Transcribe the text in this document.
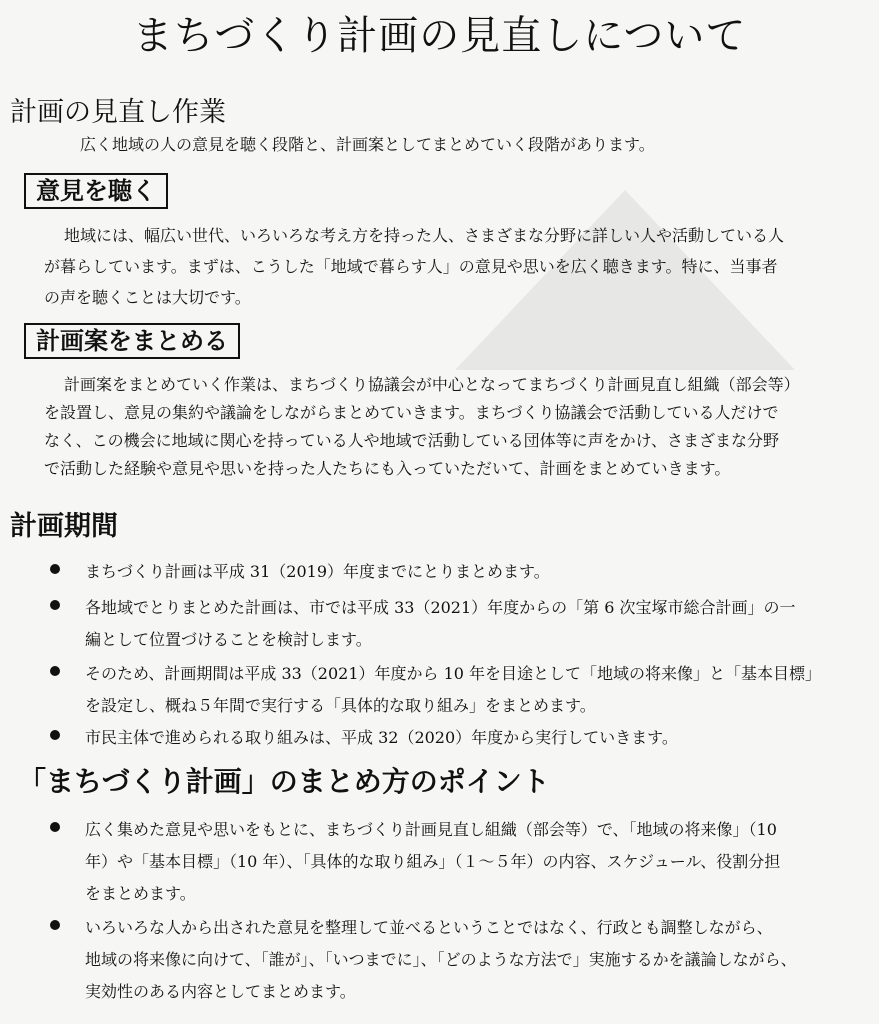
まちづくり計画の見直しについて
計画の見直し作業
広く地域の人の意見を聴く段階と、計画案としてまとめていく段階があります。
意見を聴く
地域には、幅広い世代、いろいろな考え方を持った人、さまざまな分野に詳しい人や活動している人
が暮らしています。まずは、こうした「地域で暮らす人」の意見や思いを広く聴きます。特に、当事者
の声を聴くことは大切です。
計画案をまとめる
計画案をまとめていく作業は、まちづくり協議会が中心となってまちづくり計画見直し組織（部会等）
を設置し、意見の集約や議論をしながらまとめていきます。まちづくり協議会で活動している人だけで
なく、この機会に地域に関心を持っている人や地域で活動している団体等に声をかけ、さまざまな分野
で活動した経験や意見や思いを持った人たちにも入っていただいて、計画をまとめていきます。
計画期間
まちづくり計画は平成 31（2019）年度までにとりまとめます。
各地域でとりまとめた計画は、市では平成 33（2021）年度からの「第 6 次宝塚市総合計画」の一
編として位置づけることを検討します。
そのため、計画期間は平成 33（2021）年度から 10 年を目途として「地域の将来像」と「基本目標」
を設定し、概ね５年間で実行する「具体的な取り組み」をまとめます。
市民主体で進められる取り組みは、平成 32（2020）年度から実行していきます。
「まちづくり計画」のまとめ方のポイント
広く集めた意見や思いをもとに、まちづくり計画見直し組織（部会等）で、「地域の将来像」（10
年）や「基本目標」（10 年）、「具体的な取り組み」（１～５年）の内容、スケジュール、役割分担
をまとめます。
いろいろな人から出された意見を整理して並べるということではなく、行政とも調整しながら、
地域の将来像に向けて、「誰が」、「いつまでに」、「どのような方法で」実施するかを議論しながら、
実効性のある内容としてまとめます。
